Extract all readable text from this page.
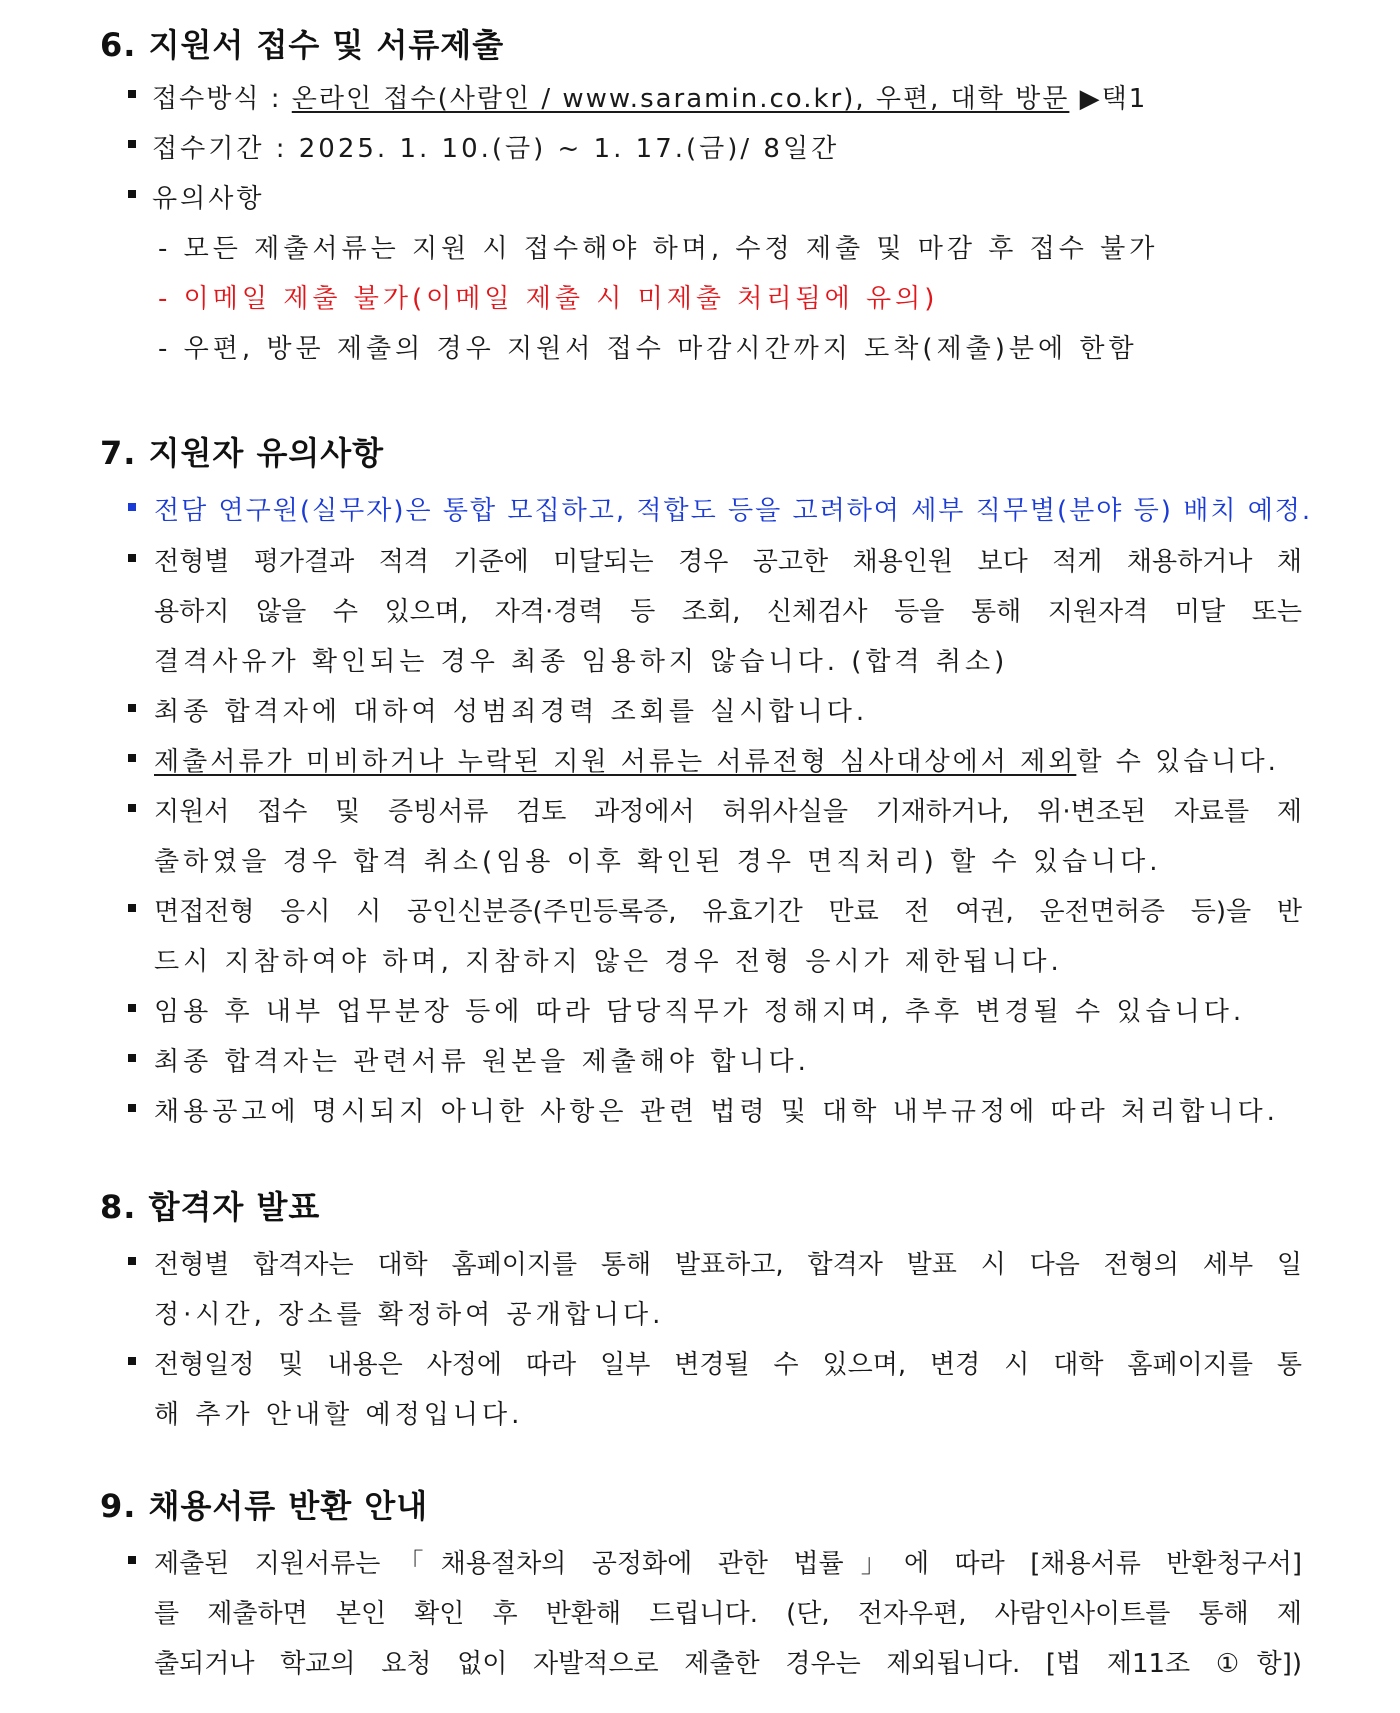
6. 지원서 접수 및 서류제출
접수방식 : 온라인 접수(사람인 / www.saramin.co.kr), 우편, 대학 방문 ▶택1
접수기간 : 2025. 1. 10.(금) ~ 1. 17.(금)/ 8일간
유의사항
- 모든 제출서류는 지원 시 접수해야 하며, 수정 제출 및 마감 후 접수 불가
- 이메일 제출 불가(이메일 제출 시 미제출 처리됨에 유의)
- 우편, 방문 제출의 경우 지원서 접수 마감시간까지 도착(제출)분에 한함
7. 지원자 유의사항
전담 연구원(실무자)은 통합 모집하고, 적합도 등을 고려하여 세부 직무별(분야 등) 배치 예정.
전형별 평가결과 적격 기준에 미달되는 경우 공고한 채용인원 보다 적게 채용하거나 채
용하지 않을 수 있으며, 자격·경력 등 조회, 신체검사 등을 통해 지원자격 미달 또는
결격사유가 확인되는 경우 최종 임용하지 않습니다. (합격 취소)
최종 합격자에 대하여 성범죄경력 조회를 실시합니다.
제출서류가 미비하거나 누락된 지원 서류는 서류전형 심사대상에서 제외할 수 있습니다.
지원서 접수 및 증빙서류 검토 과정에서 허위사실을 기재하거나, 위·변조된 자료를 제
출하였을 경우 합격 취소(임용 이후 확인된 경우 면직처리) 할 수 있습니다.
면접전형 응시 시 공인신분증(주민등록증, 유효기간 만료 전 여권, 운전면허증 등)을 반
드시 지참하여야 하며, 지참하지 않은 경우 전형 응시가 제한됩니다.
임용 후 내부 업무분장 등에 따라 담당직무가 정해지며, 추후 변경될 수 있습니다.
최종 합격자는 관련서류 원본을 제출해야 합니다.
채용공고에 명시되지 아니한 사항은 관련 법령 및 대학 내부규정에 따라 처리합니다.
8. 합격자 발표
전형별 합격자는 대학 홈페이지를 통해 발표하고, 합격자 발표 시 다음 전형의 세부 일
정·시간, 장소를 확정하여 공개합니다.
전형일정 및 내용은 사정에 따라 일부 변경될 수 있으며, 변경 시 대학 홈페이지를 통
해 추가 안내할 예정입니다.
9. 채용서류 반환 안내
제출된 지원서류는「채용절차의 공정화에 관한 법률」에 따라 [채용서류 반환청구서]
를 제출하면 본인 확인 후 반환해 드립니다. (단, 전자우편, 사람인사이트를 통해 제
출되거나 학교의 요청 없이 자발적으로 제출한 경우는 제외됩니다. [법 제11조 ①항])
